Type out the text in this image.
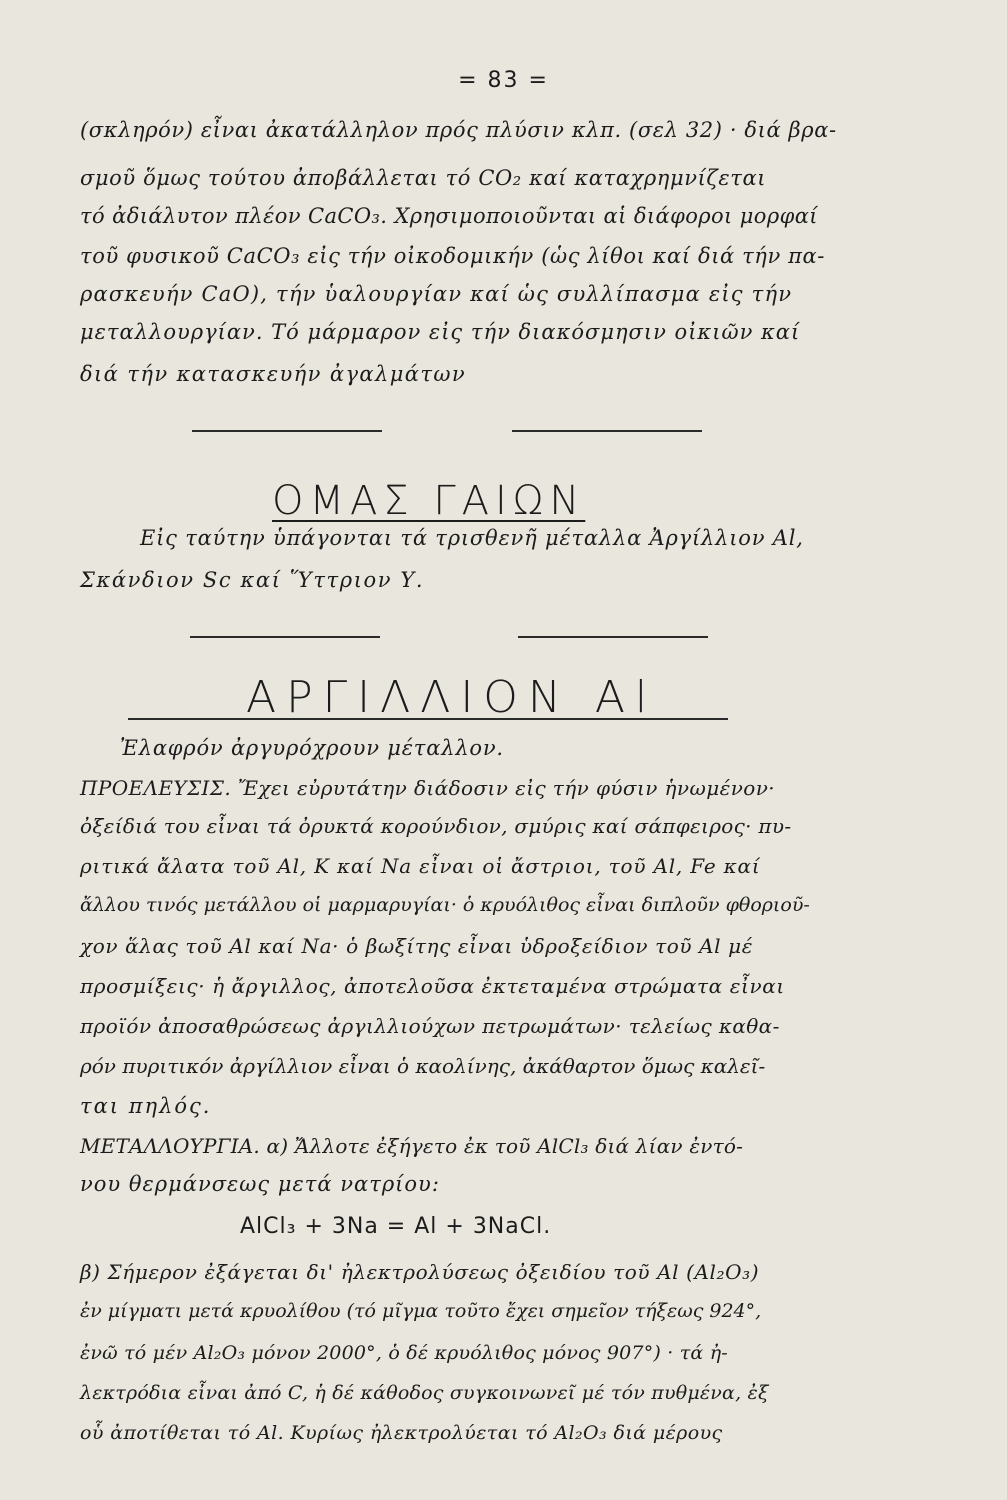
= 83 =
(σκληρόν) εἶναι ἀκατάλληλον πρός πλύσιν κλπ. (σελ 32) · διά βρα-
σμοῦ ὅμως τούτου ἀποβάλλεται τό CO₂ καί καταχρημνίζεται
τό ἀδιάλυτον πλέον CaCO₃. Χρησιμοποιοῦνται αἱ διάφοροι μορφαί
τοῦ φυσικοῦ CaCO₃ εἰς τήν οἰκοδομικήν (ὡς λίθοι καί διά τήν πα-
ρασκευήν CaO), τήν ὑαλουργίαν καί ὡς συλλίπασμα εἰς τήν
μεταλλουργίαν. Τό μάρμαρον εἰς τήν διακόσμησιν οἰκιῶν καί
διά τήν κατασκευήν ἀγαλμάτων
ΟΜΑΣ ΓΑΙΩΝ
Εἰς ταύτην ὑπάγονται τά τρισθενῆ μέταλλα Ἀργίλλιον Al,
Σκάνδιον Sc καί Ὕττριον Υ.
ΑΡΓΙΛΛΙΟΝ Al
Ἐλαφρόν ἀργυρόχρουν μέταλλον.
ΠΡΟΕΛΕΥΣΙΣ. Ἔχει εὐρυτάτην διάδοσιν εἰς τήν φύσιν ἡνωμένον·
ὀξείδιά του εἶναι τά ὀρυκτά κορούνδιον, σμύρις καί σάπφειρος· πυ-
ριτικά ἄλατα τοῦ Al, K καί Na εἶναι οἱ ἄστριοι, τοῦ Al, Fe καί
ἄλλου τινός μετάλλου οἱ μαρμαρυγίαι· ὁ κρυόλιθος εἶναι διπλοῦν φθοριοῦ-
χον ἅλας τοῦ Al καί Na· ὁ βωξίτης εἶναι ὑδροξείδιον τοῦ Al μέ
προσμίξεις· ἡ ἄργιλλος, ἀποτελοῦσα ἐκτεταμένα στρώματα εἶναι
προϊόν ἀποσαθρώσεως ἀργιλλιούχων πετρωμάτων· τελείως καθα-
ρόν πυριτικόν ἀργίλλιον εἶναι ὁ καολίνης, ἀκάθαρτον ὅμως καλεῖ-
ται πηλός.
ΜΕΤΑΛΛΟΥΡΓΙΑ. α) Ἄλλοτε ἐξήγετο ἐκ τοῦ AlCl₃ διά λίαν ἐντό-
νου θερμάνσεως μετά νατρίου:
AlCl₃ + 3Na = Al + 3NaCl.
β) Σήμερον ἐξάγεται δι' ἠλεκτρολύσεως ὀξειδίου τοῦ Al (Al₂O₃)
ἐν μίγματι μετά κρυολίθου (τό μῖγμα τοῦτο ἔχει σημεῖον τήξεως 924°,
ἐνῶ τό μέν Al₂O₃ μόνον 2000°, ὁ δέ κρυόλιθος μόνος 907°) · τά ἠ-
λεκτρόδια εἶναι ἀπό C, ἡ δέ κάθοδος συγκοινωνεῖ μέ τόν πυθμένα, ἐξ
οὗ ἀποτίθεται τό Al. Κυρίως ἠλεκτρολύεται τό Al₂O₃ διά μέρους
